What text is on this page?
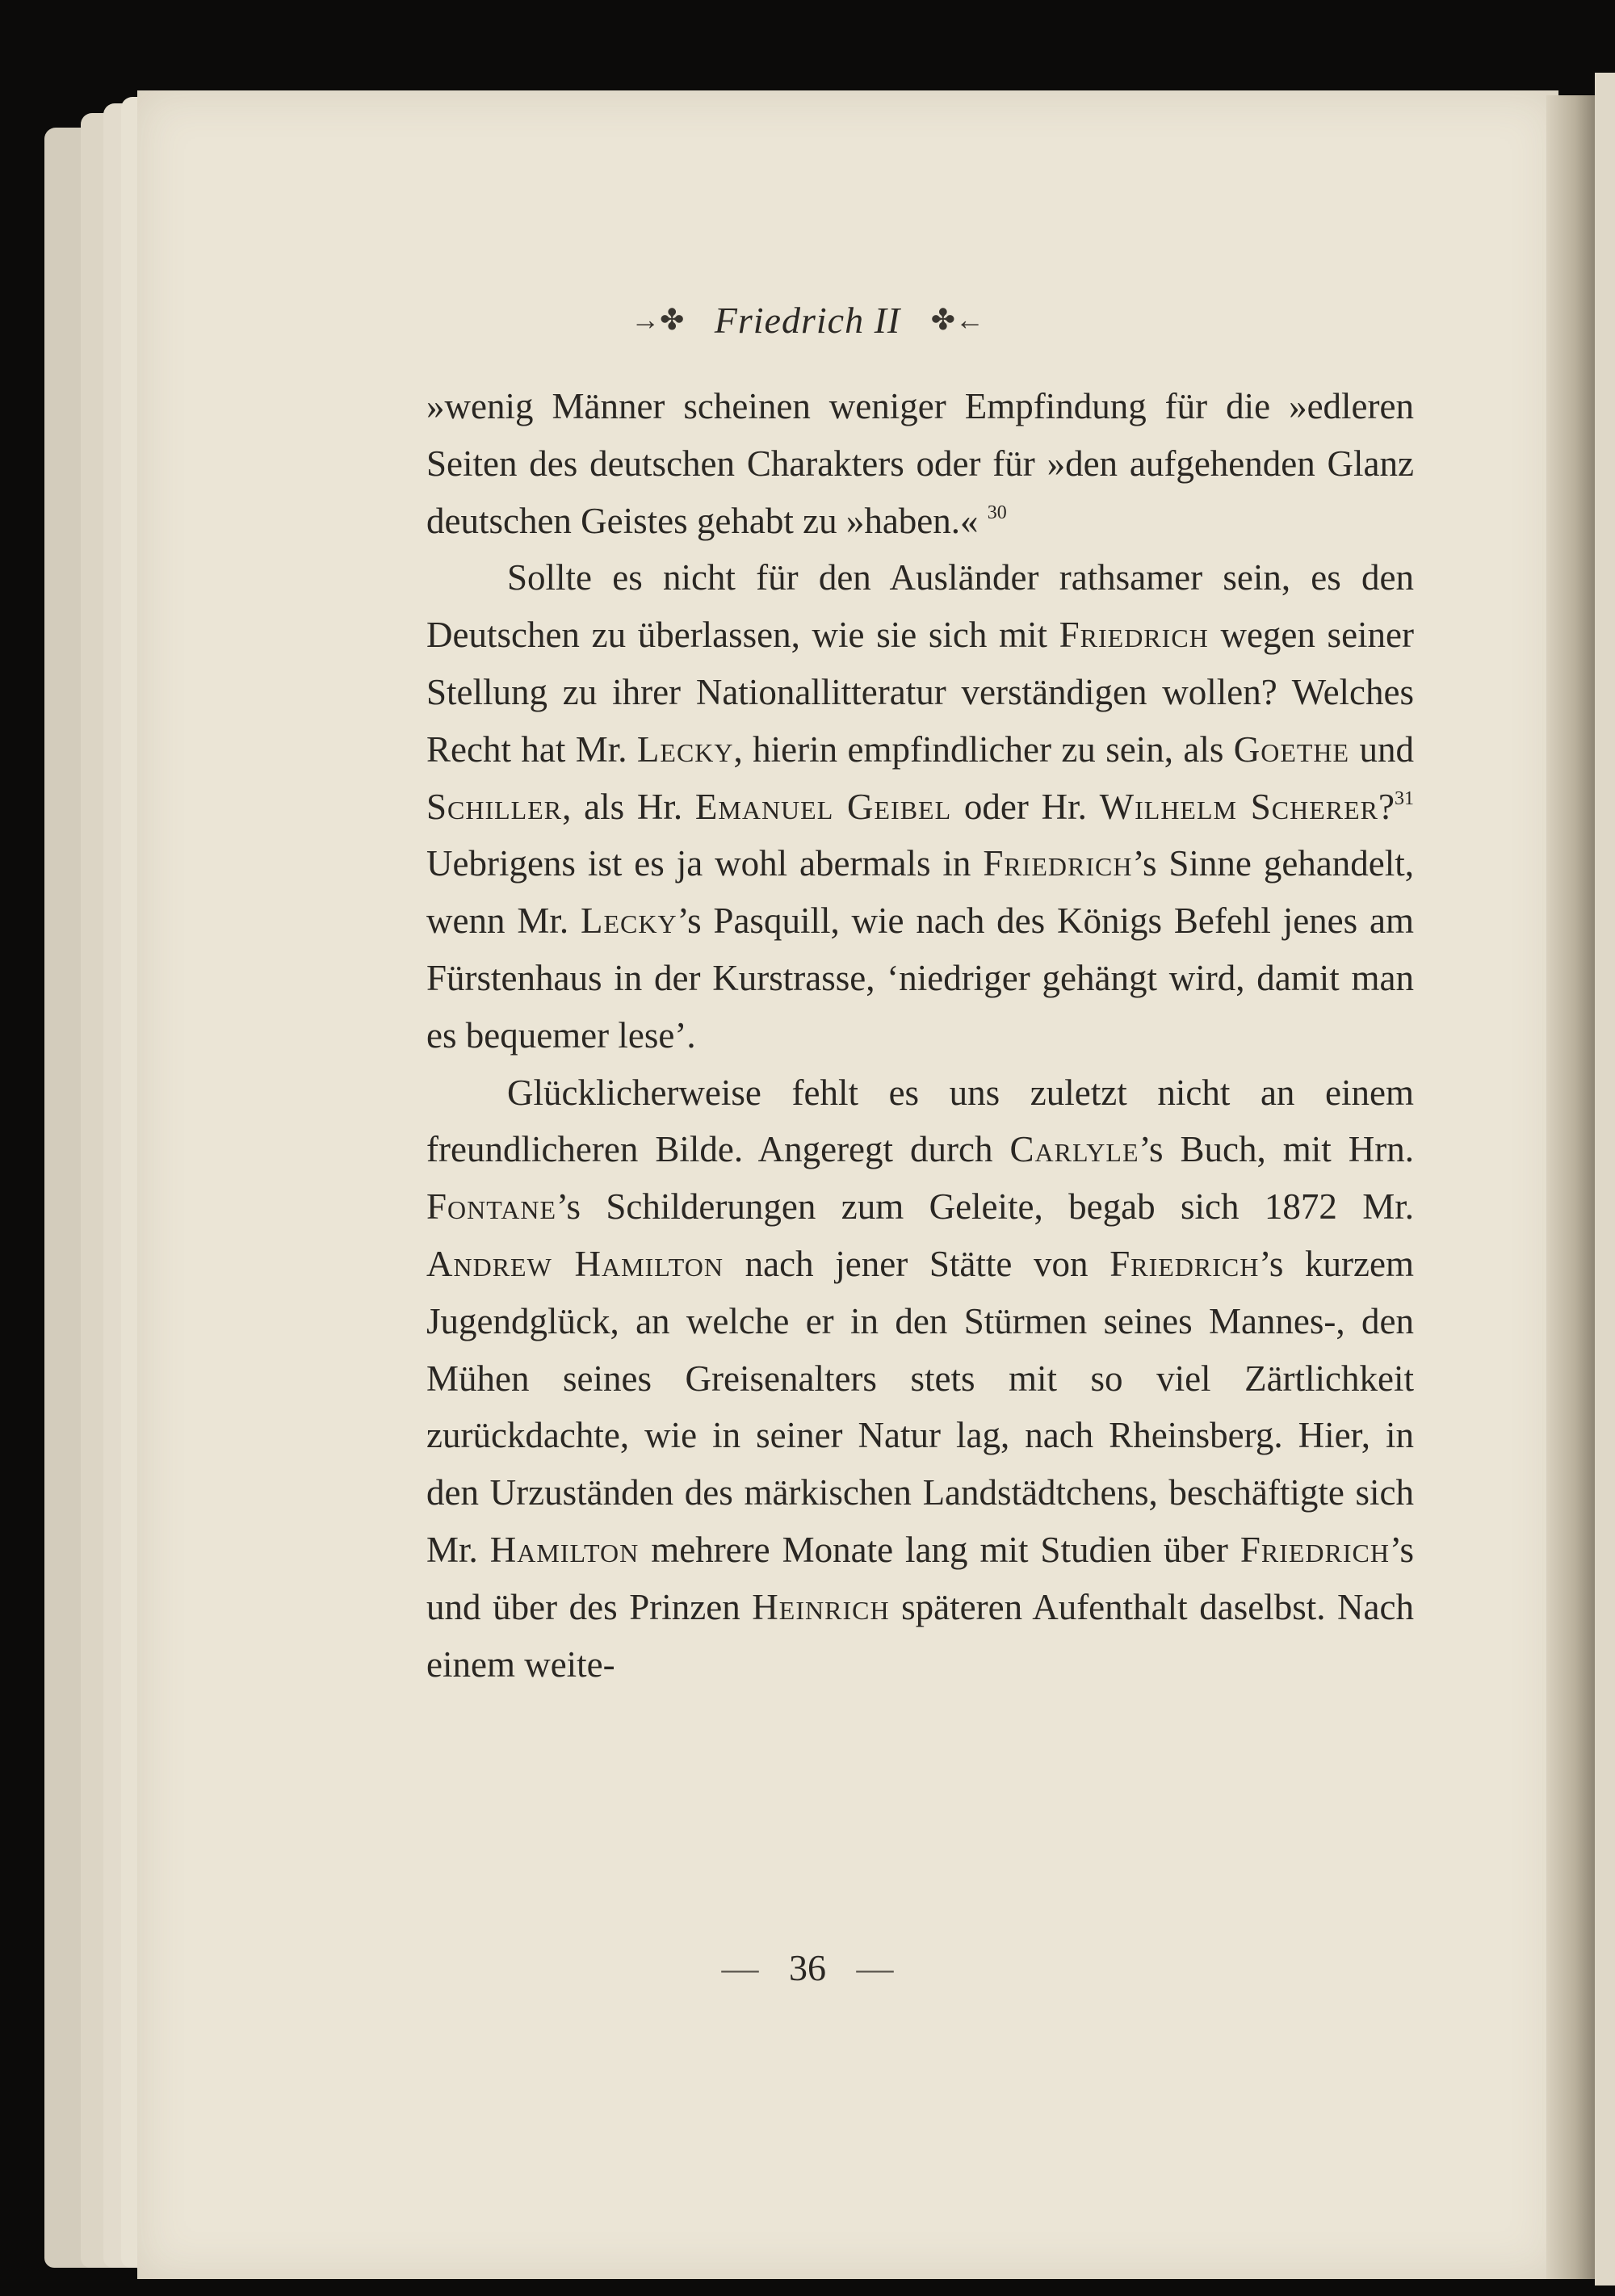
→✤ Friedrich II ✤←

»wenig Männer scheinen weniger Empfindung für die »edleren Seiten des deutschen Charakters oder für »den aufgehenden Glanz deutschen Geistes gehabt zu »haben.« $^{30}$

Sollte es nicht für den Ausländer rathsamer sein, es den Deutschen zu überlassen, wie sie sich mit Friedrich wegen seiner Stellung zu ihrer Nationallitteratur verständigen wollen? Welches Recht hat Mr. Lecky, hierin empfindlicher zu sein, als Goethe und Schiller, als Hr. Emanuel Geibel oder Hr. Wilhelm Scherer?$^{31}$ Uebrigens ist es ja wohl abermals in Friedrich’s Sinne gehandelt, wenn Mr. Lecky’s Pasquill, wie nach des Königs Befehl jenes am Fürstenhaus in der Kurstrasse, ‘niedriger gehängt wird, damit man es bequemer lese’.

Glücklicherweise fehlt es uns zuletzt nicht an einem freundlicheren Bilde. Angeregt durch Carlyle’s Buch, mit Hrn. Fontane’s Schilderungen zum Geleite, begab sich 1872 Mr. Andrew Hamilton nach jener Stätte von Friedrich’s kurzem Jugendglück, an welche er in den Stürmen seines Mannes-, den Mühen seines Greisenalters stets mit so viel Zärtlichkeit zurückdachte, wie in seiner Natur lag, nach Rheinsberg. Hier, in den Urzuständen des märkischen Landstädtchens, beschäftigte sich Mr. Hamilton mehrere Monate lang mit Studien über Friedrich’s und über des Prinzen Heinrich späteren Aufenthalt daselbst. Nach einem weite-

— 36 —
